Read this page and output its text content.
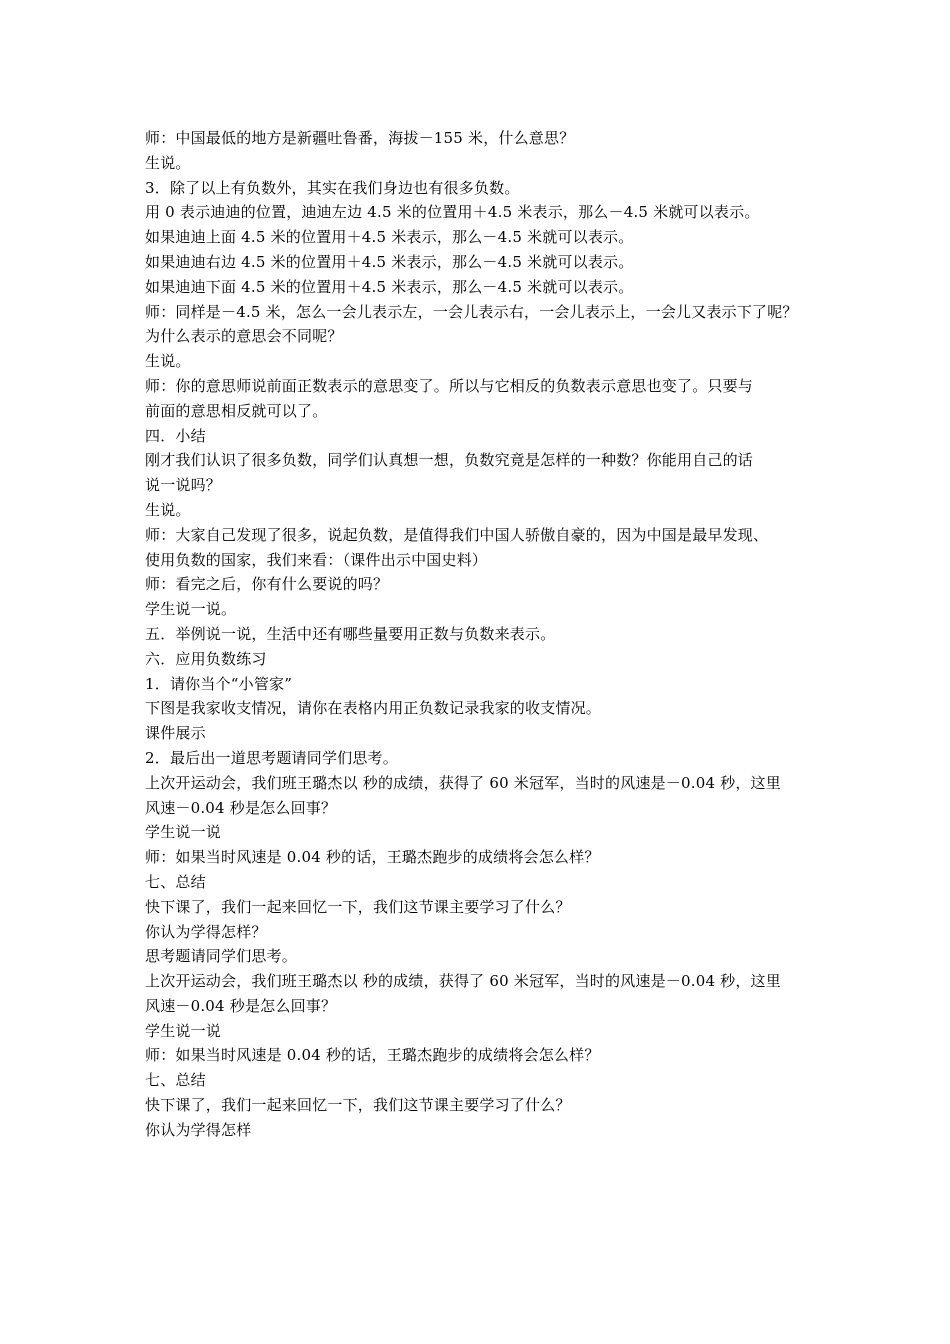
师：中国最低的地方是新疆吐鲁番，海拔－155 米，什么意思？
生说。
3．除了以上有负数外，其实在我们身边也有很多负数。
用 0 表示迪迪的位置，迪迪左边 4.5 米的位置用＋4.5 米表示，那么－4.5 米就可以表示。
如果迪迪上面 4.5 米的位置用＋4.5 米表示，那么－4.5 米就可以表示。
如果迪迪右边 4.5 米的位置用＋4.5 米表示，那么－4.5 米就可以表示。
如果迪迪下面 4.5 米的位置用＋4.5 米表示，那么－4.5 米就可以表示。
师：同样是－4.5 米，怎么一会儿表示左，一会儿表示右，一会儿表示上，一会儿又表示下了呢？
为什么表示的意思会不同呢？
生说。
师：你的意思师说前面正数表示的意思变了。所以与它相反的负数表示意思也变了。只要与
前面的意思相反就可以了。
四．小结
刚才我们认识了很多负数，同学们认真想一想，负数究竟是怎样的一种数？你能用自己的话
说一说吗？
生说。
师：大家自己发现了很多，说起负数，是值得我们中国人骄傲自豪的，因为中国是最早发现、
使用负数的国家，我们来看：（课件出示中国史料）
师：看完之后，你有什么要说的吗？
学生说一说。
五．举例说一说，生活中还有哪些量要用正数与负数来表示。
六．应用负数练习
1．请你当个“小管家”
下图是我家收支情况，请你在表格内用正负数记录我家的收支情况。
课件展示
2．最后出一道思考题请同学们思考。
上次开运动会，我们班王璐杰以 秒的成绩，获得了 60 米冠军，当时的风速是－0.04 秒，这里
风速－0.04 秒是怎么回事？
学生说一说
师：如果当时风速是 0.04 秒的话，王璐杰跑步的成绩将会怎么样？
七、总结
快下课了，我们一起来回忆一下，我们这节课主要学习了什么？
你认为学得怎样？
思考题请同学们思考。
上次开运动会，我们班王璐杰以 秒的成绩，获得了 60 米冠军，当时的风速是－0.04 秒，这里
风速－0.04 秒是怎么回事？
学生说一说
师：如果当时风速是 0.04 秒的话，王璐杰跑步的成绩将会怎么样？
七、总结
快下课了，我们一起来回忆一下，我们这节课主要学习了什么？
你认为学得怎样
